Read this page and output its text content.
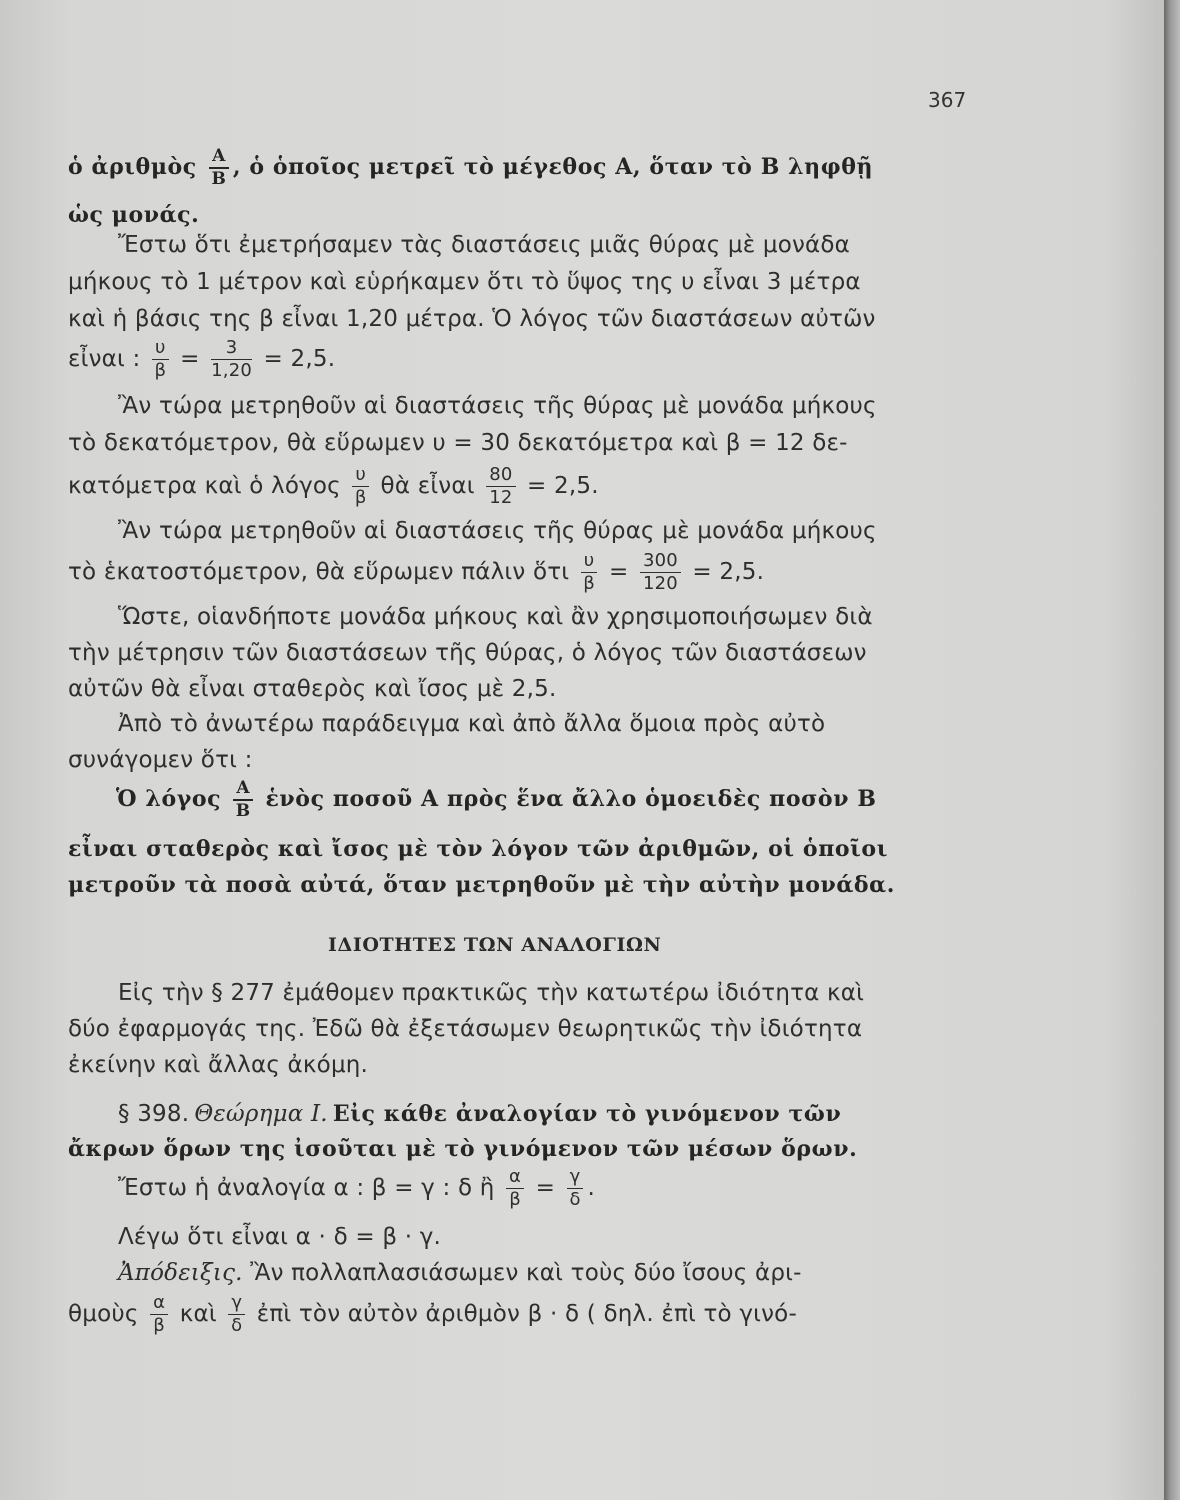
367
ὁ ἀριθμὸς $\frac{A}{B}$ , ὁ ὁποῖος μετρεῖ τὸ μέγεθος Α, ὅταν τὸ Β ληφθῇ
ὡς μονάς.
Ἔστω ὅτι ἐμετρήσαμεν τὰς διαστάσεις μιᾶς θύρας μὲ μονάδα
μήκους τὸ 1 μέτρον καὶ εὑρήκαμεν ὅτι τὸ ὕψος της υ εἶναι 3 μέτρα
καὶ ἡ βάσις της β εἶναι 1,20 μέτρα. Ὁ λόγος τῶν διαστάσεων αὐτῶν
εἶναι : $\frac{\upsilon}{\beta} = \frac{3}{1,20} = 2,5$.
Ἂν τώρα μετρηθοῦν αἱ διαστάσεις τῆς θύρας μὲ μονάδα μήκους
τὸ δεκατόμετρον, θὰ εὕρωμεν υ = 30 δεκατόμετρα καὶ β = 12 δε-
κατόμετρα καὶ ὁ λόγος $\frac{\upsilon}{\beta}$ θὰ εἶναι $\frac{80}{12} = 2,5$.
Ἂν τώρα μετρηθοῦν αἱ διαστάσεις τῆς θύρας μὲ μονάδα μήκους
τὸ ἑκατοστόμετρον, θὰ εὕρωμεν πάλιν ὅτι $\frac{\upsilon}{\beta} = \frac{300}{120} = 2,5$.
Ὥστε, οἱανδήποτε μονάδα μήκους καὶ ἂν χρησιμοποιήσωμεν διὰ
τὴν μέτρησιν τῶν διαστάσεων τῆς θύρας, ὁ λόγος τῶν διαστάσεων
αὐτῶν θὰ εἶναι σταθερὸς καὶ ἴσος μὲ 2,5.
Ἀπὸ τὸ ἀνωτέρω παράδειγμα καὶ ἀπὸ ἄλλα ὅμοια πρὸς αὐτὸ
συνάγομεν ὅτι :
Ὁ λόγος $\frac{A}{B}$ ἑνὸς ποσοῦ Α πρὸς ἕνα ἄλλο ὁμοειδὲς ποσὸν Β
εἶναι σταθερὸς καὶ ἴσος μὲ τὸν λόγον τῶν ἀριθμῶν, οἱ ὁποῖοι
μετροῦν τὰ ποσὰ αὐτά, ὅταν μετρηθοῦν μὲ τὴν αὐτὴν μονάδα.
ΙΔΙΟΤΗΤΕΣ ΤΩΝ ΑΝΑΛΟΓΙΩΝ
Εἰς τὴν § 277 ἐμάθομεν πρακτικῶς τὴν κατωτέρω ἰδιότητα καὶ
δύο ἐφαρμογάς της. Ἐδῶ θὰ ἐξετάσωμεν θεωρητικῶς τὴν ἰδιότητα
ἐκείνην καὶ ἄλλας ἀκόμη.
§ 398. Θεώρημα Ι. Εἰς κάθε ἀναλογίαν τὸ γινόμενον τῶν
ἄκρων ὅρων της ἰσοῦται μὲ τὸ γινόμενον τῶν μέσων ὅρων.
Ἔστω ἡ ἀναλογία α : β = γ : δ ἢ $\frac{\alpha}{\beta} = \frac{\gamma}{\delta}$ .
Λέγω ὅτι εἶναι α · δ = β · γ.
Ἀπόδειξις. Ἂν πολλαπλασιάσωμεν καὶ τοὺς δύο ἴσους ἀρι-
θμοὺς $\frac{\alpha}{\beta}$ καὶ $\frac{\gamma}{\delta}$ ἐπὶ τὸν αὐτὸν ἀριθμὸν β · δ ( δηλ. ἐπὶ τὸ γινό-
